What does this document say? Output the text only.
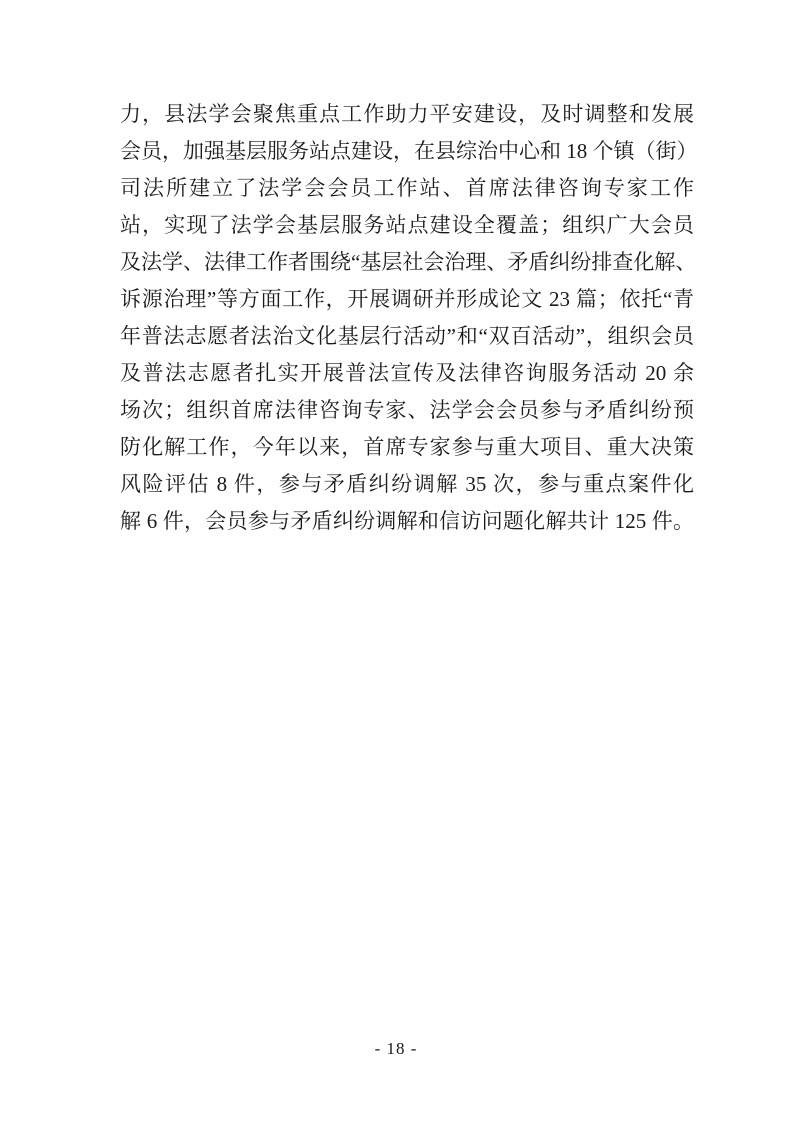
力，县法学会聚焦重点工作助力平安建设，及时调整和发展
会员，加强基层服务站点建设，在县综治中心和 18 个镇（街）
司法所建立了法学会会员工作站、首席法律咨询专家工作
站，实现了法学会基层服务站点建设全覆盖；组织广大会员
及法学、法律工作者围绕“基层社会治理、矛盾纠纷排查化解、
诉源治理”等方面工作，开展调研并形成论文 23 篇；依托“青
年普法志愿者法治文化基层行活动”和“双百活动”，组织会员
及普法志愿者扎实开展普法宣传及法律咨询服务活动 20 余
场次；组织首席法律咨询专家、法学会会员参与矛盾纠纷预
防化解工作，今年以来，首席专家参与重大项目、重大决策
风险评估 8 件，参与矛盾纠纷调解 35 次，参与重点案件化
解 6 件，会员参与矛盾纠纷调解和信访问题化解共计 125 件。
- 18 -
